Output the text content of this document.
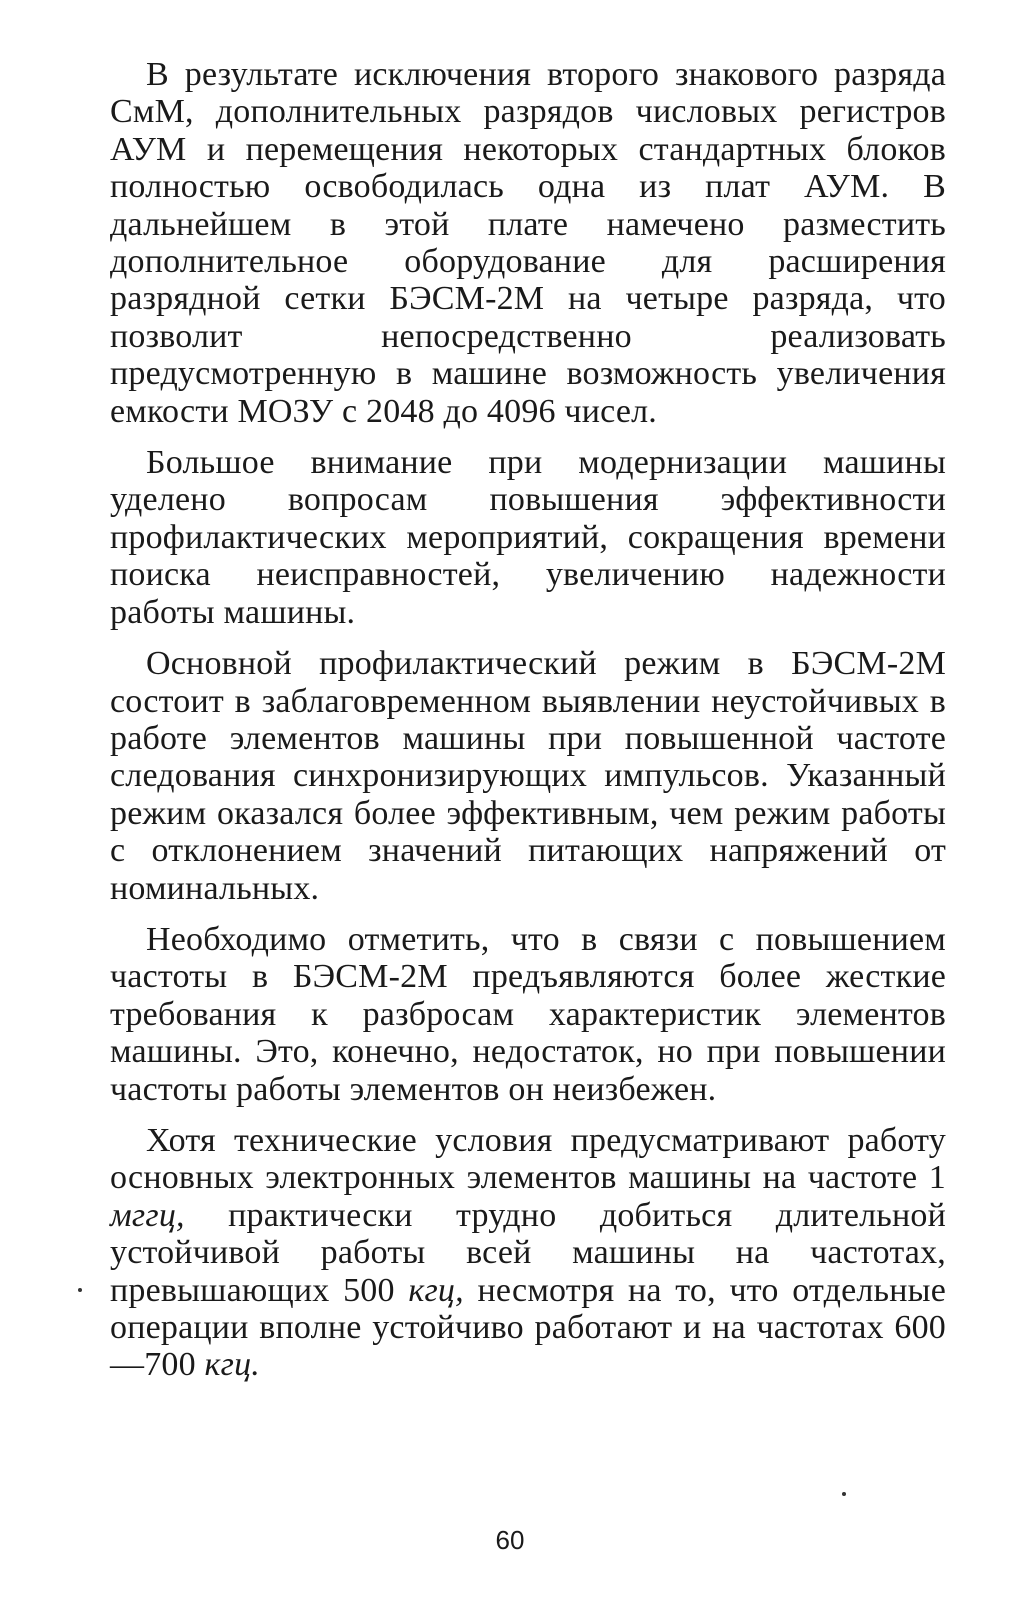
В результате исключения второго знакового разряда СмМ, дополнительных разрядов числовых регистров АУМ и перемещения некоторых стандартных блоков полностью освободилась одна из плат АУМ. В дальнейшем в этой плате намечено разместить дополнительное оборудование для расширения разрядной сетки БЭСМ-2М на четыре разряда, что позволит непосредственно реализовать предусмотренную в машине возможность увеличения емкости МОЗУ с 2048 до 4096 чисел.

Большое внимание при модернизации машины уделено вопросам повышения эффективности профилактических мероприятий, сокращения времени поиска неисправностей, увеличению надежности работы машины.

Основной профилактический режим в БЭСМ-2М состоит в заблаговременном выявлении неустойчивых в работе элементов машины при повышенной частоте следования синхронизирующих импульсов. Указанный режим оказался более эффективным, чем режим работы с отклонением значений питающих напряжений от номинальных.

Необходимо отметить, что в связи с повышением частоты в БЭСМ-2М предъявляются более жесткие требования к разбросам характеристик элементов машины. Это, конечно, недостаток, но при повышении частоты работы элементов он неизбежен.

Хотя технические условия предусматривают работу основных электронных элементов машины на частоте 1 мггц, практически трудно добиться длительной устойчивой работы всей машины на частотах, превышающих 500 кгц, несмотря на то, что отдельные операции вполне устойчиво работают и на частотах 600—700 кгц.

60
